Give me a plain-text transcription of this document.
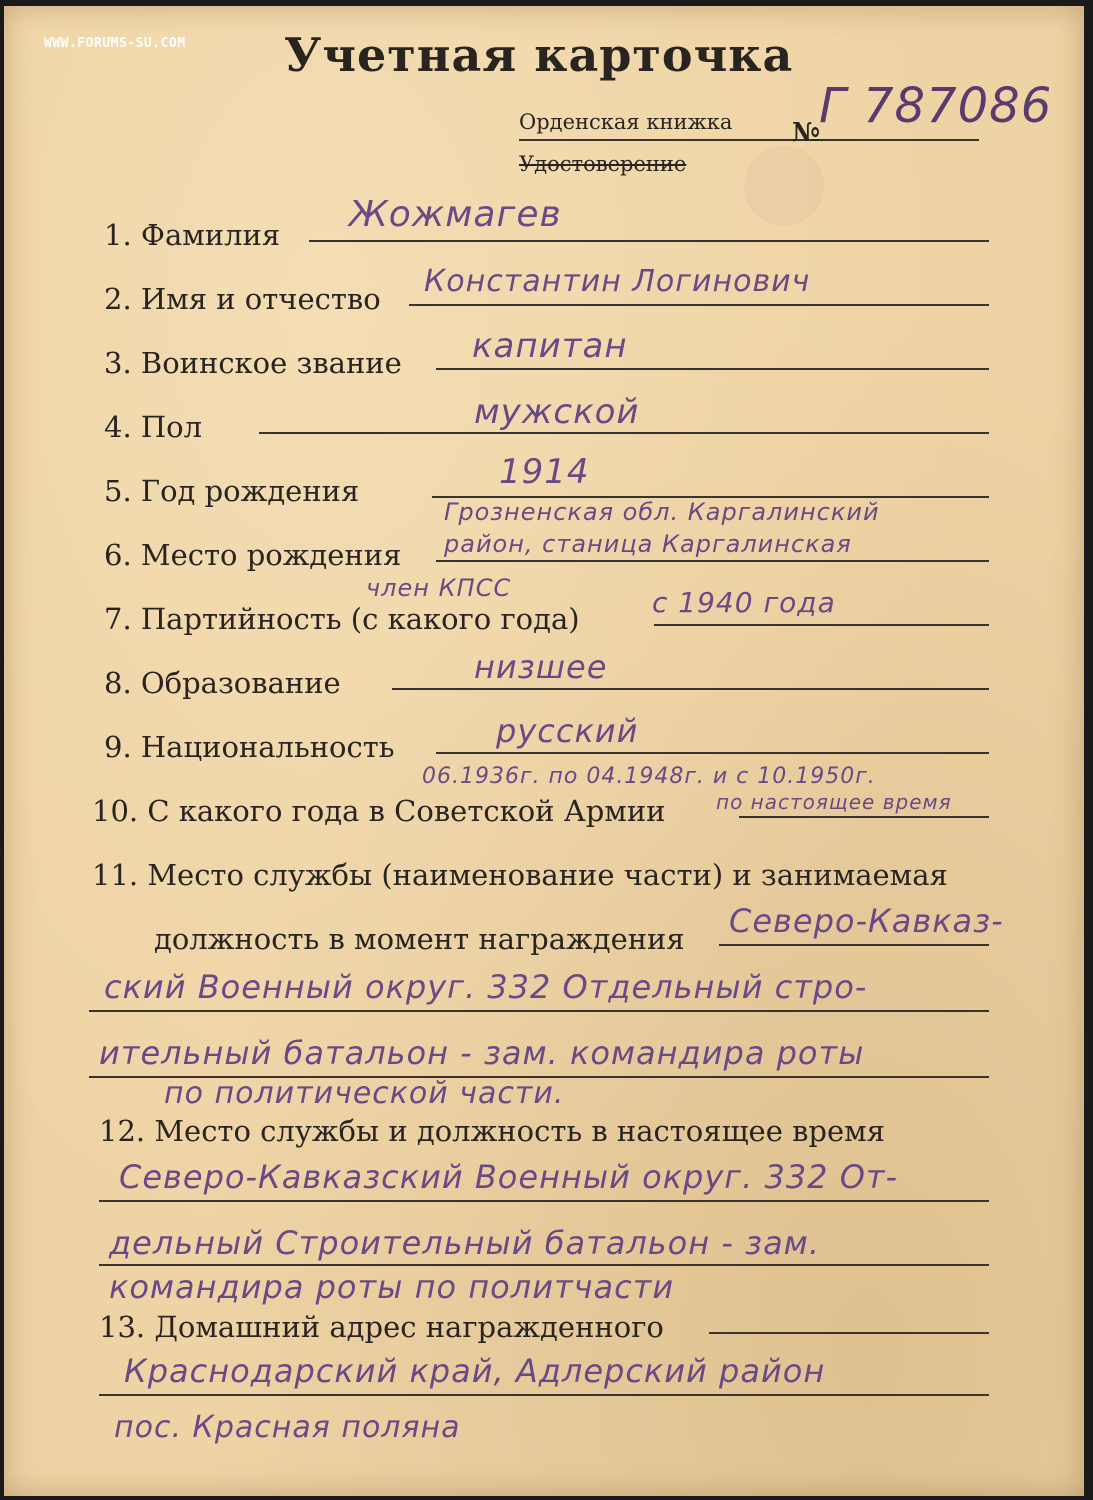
WWW.FORUMS-SU.COM Учетная карточка
Орденская книжка
Удостоверение
№
Г 787086
1. Фамилия Жожмагев
2. Имя и отчество Константин Логинович
3. Воинское звание капитан
4. Пол	мужской
5. Год рождения	1914
6. Место рождения
Грозненская обл. Каргалинский
район, станица Каргалинская
член КПСС
7. Партийность (с какого года)	с 1940 года
8. Образование	низшее
9. Национальность	русский
06.1936г. по 04.1948г. и с 10.1950г.
10. С какого года в Советской Армии	по настоящее время
11. Место службы (наименование части) и занимаемая
должность в момент награждения Северо-Кавказ-
ский Военный округ. 332 Отдельный стро-
ительный батальон - зам. командира роты
по политической части.
12. Место службы и должность в настоящее время
Северо-Кавказский Военный округ. 332 От-
дельный Строительный батальон - зам.
командира роты по политчасти
13. Домашний адрес награжденного
Краснодарский край, Адлерский район
пос. Красная поляна
